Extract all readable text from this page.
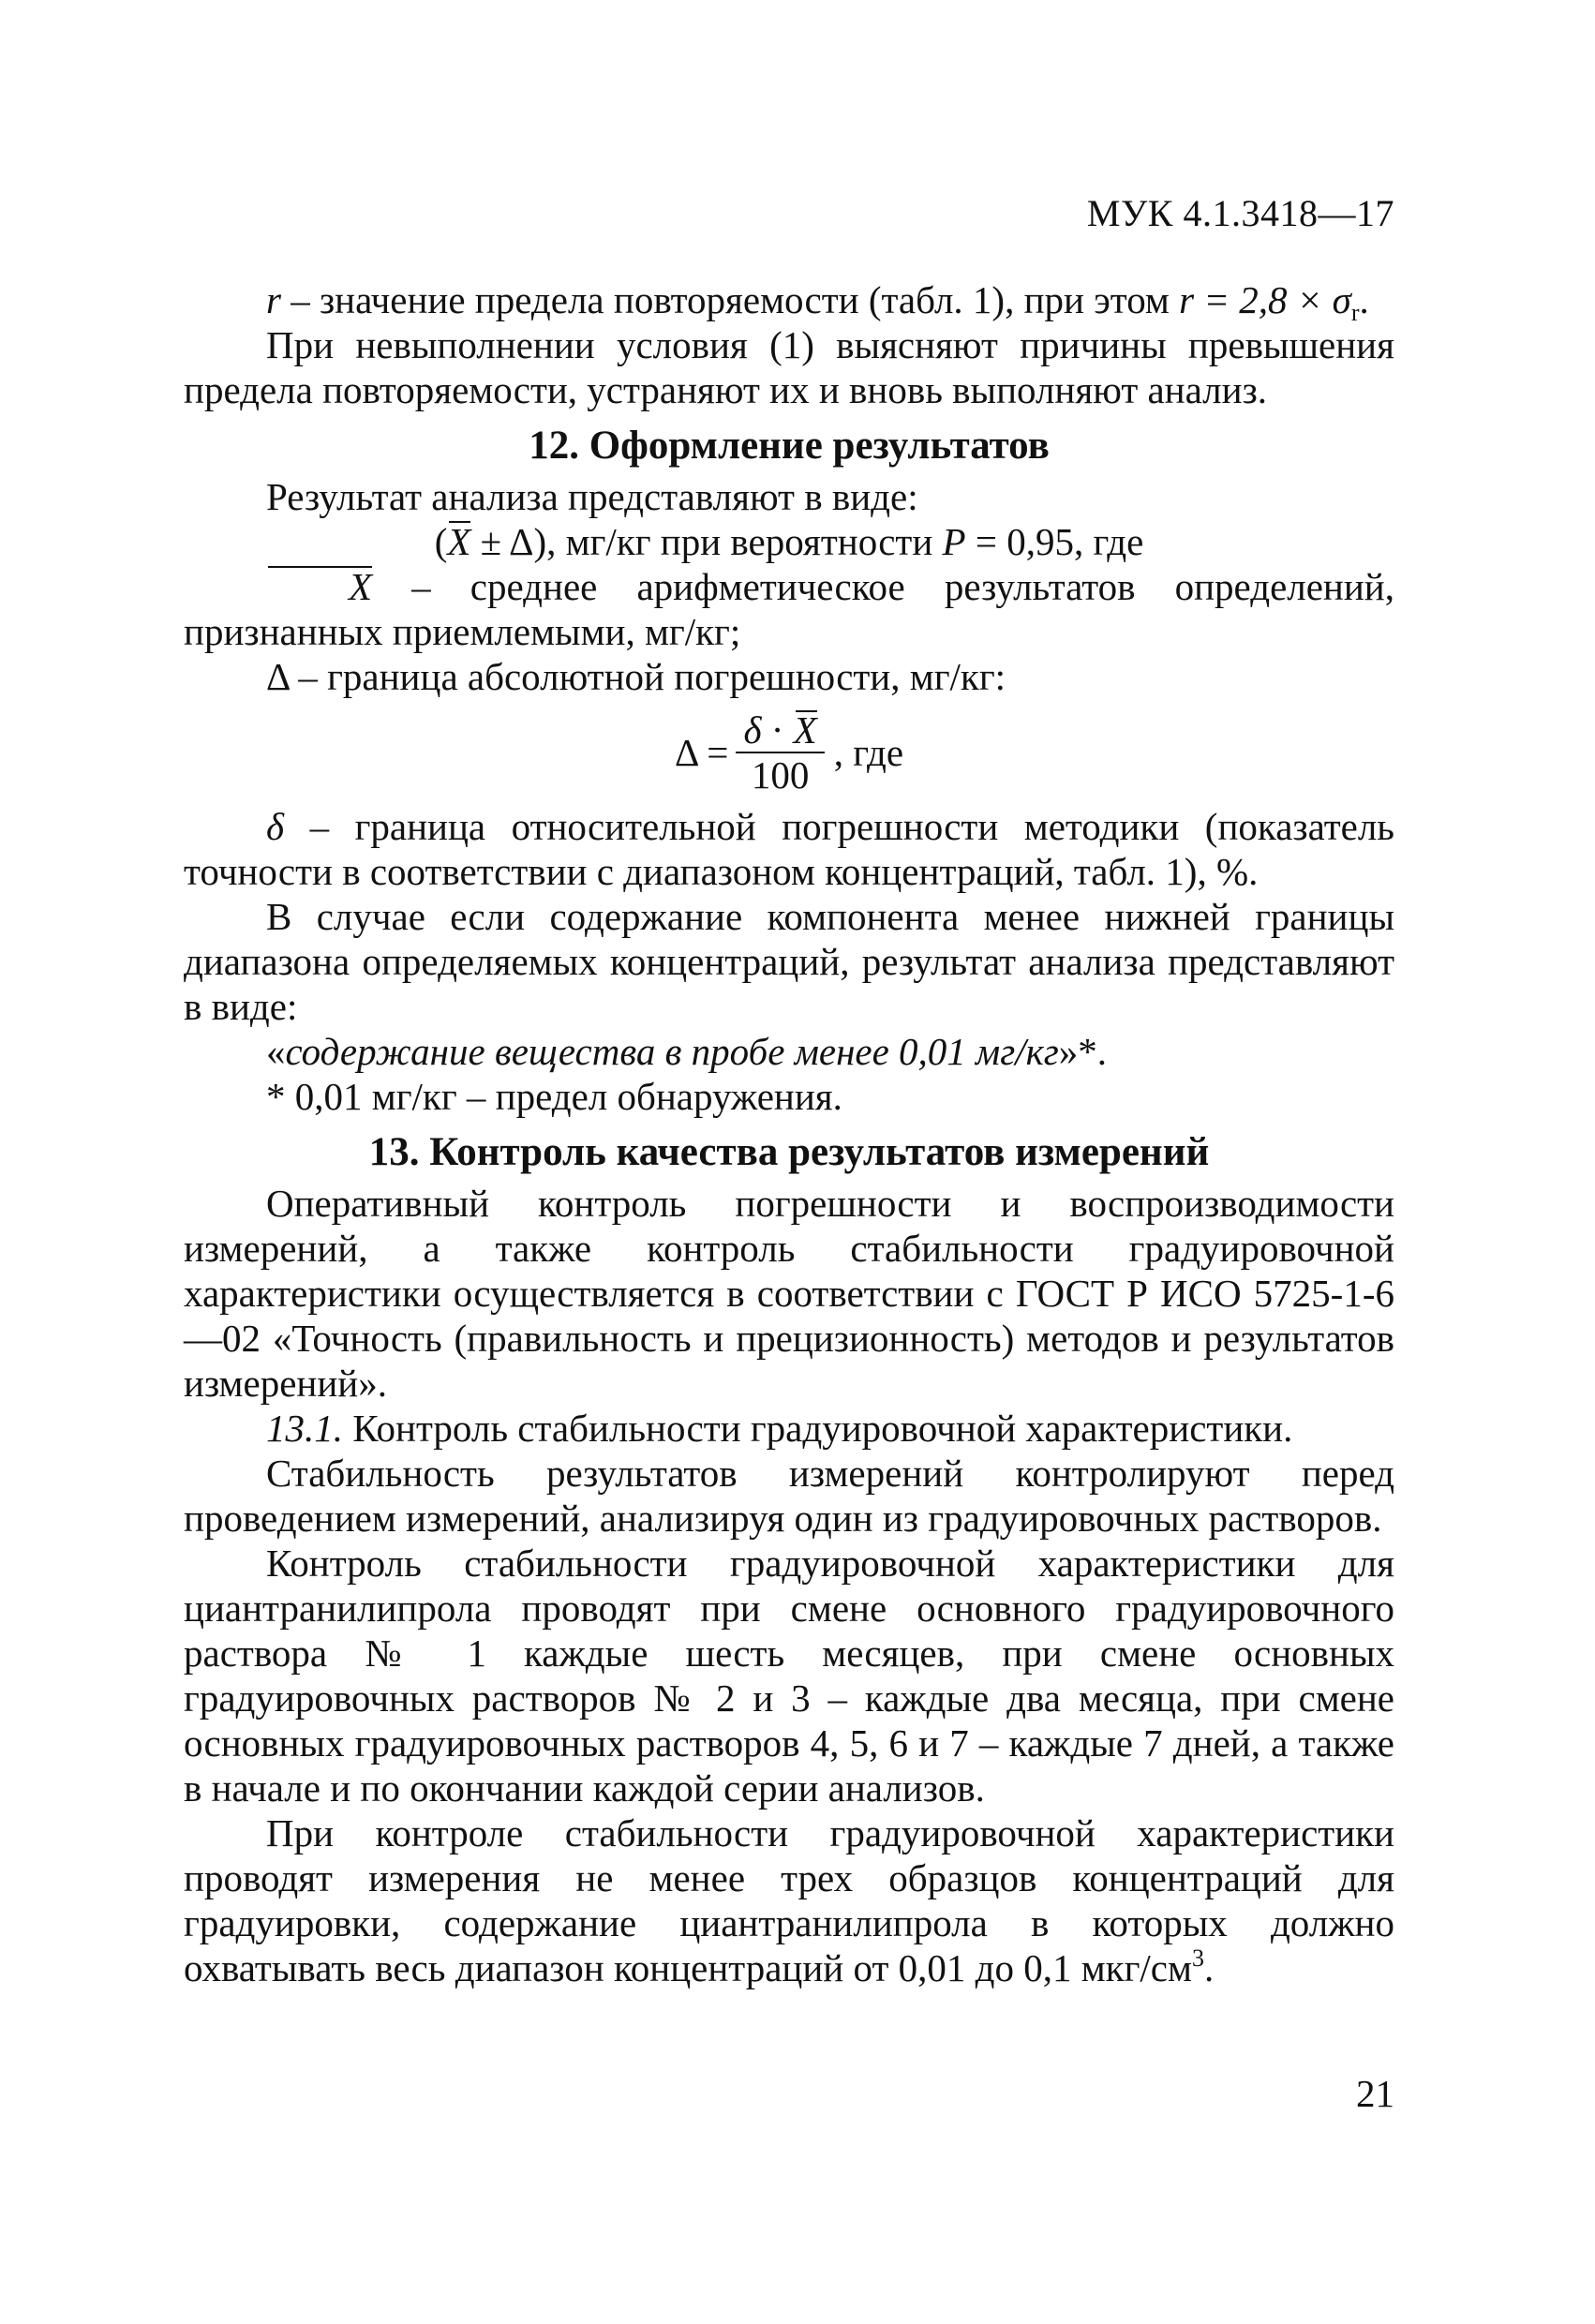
МУК 4.1.3418—17

r – значение предела повторяемости (табл. 1), при этом $r = 2,8 \times \sigma_r$.

При невыполнении условия (1) выясняют причины превышения предела повторяемости, устраняют их и вновь выполняют анализ.

12. Оформление результатов

Результат анализа представляют в виде:

(X ± Δ), мг/кг при вероятности P = 0,95, где

X – среднее арифметическое результатов определений, признанных приемлемыми, мг/кг;

Δ – граница абсолютной погрешности, мг/кг:

$\Delta = \frac{\delta \cdot X}{100}$ , где

δ – граница относительной погрешности методики (показатель точности в соответствии с диапазоном концентраций, табл. 1), %.

В случае если содержание компонента менее нижней границы диапазона определяемых концентраций, результат анализа представляют в виде:

«содержание вещества в пробе менее 0,01 мг/кг»*.

* 0,01 мг/кг – предел обнаружения.

13. Контроль качества результатов измерений

Оперативный контроль погрешности и воспроизводимости измерений, а также контроль стабильности градуировочной характеристики осуществляется в соответствии с ГОСТ Р ИСО 5725-1-6—02 «Точность (правильность и прецизионность) методов и результатов измерений».

13.1. Контроль стабильности градуировочной характеристики.

Стабильность результатов измерений контролируют перед проведением измерений, анализируя один из градуировочных растворов.

Контроль стабильности градуировочной характеристики для циантранилипрола проводят при смене основного градуировочного раствора № 1 каждые шесть месяцев, при смене основных градуировочных растворов № 2 и 3 – каждые два месяца, при смене основных градуировочных растворов 4, 5, 6 и 7 – каждые 7 дней, а также в начале и по окончании каждой серии анализов.

При контроле стабильности градуировочной характеристики проводят измерения не менее трех образцов концентраций для градуировки, содержание циантранилипрола в которых должно охватывать весь диапазон концентраций от 0,01 до 0,1 мкг/$см^3$.

21
